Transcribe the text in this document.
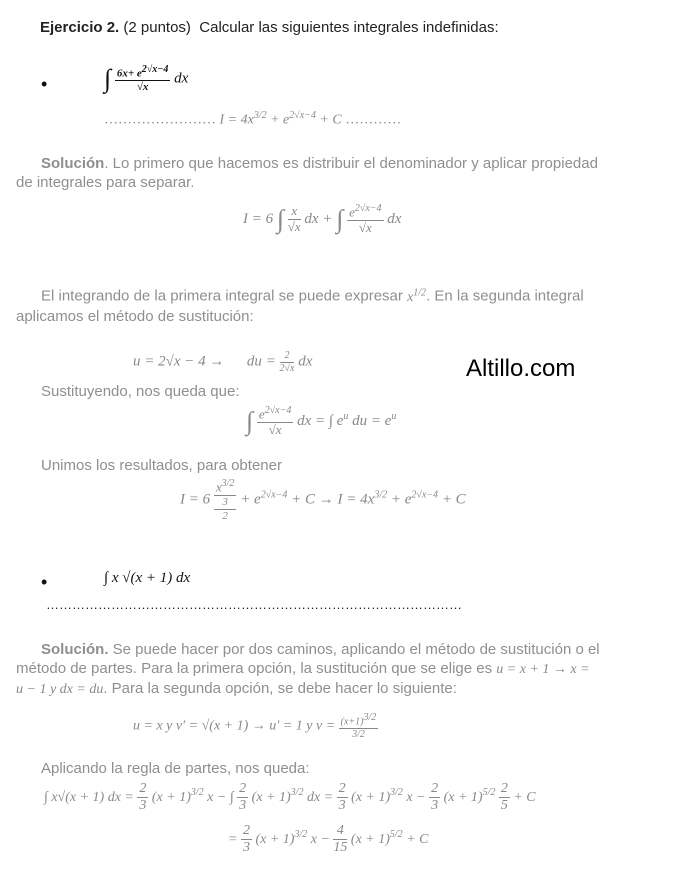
Ejercicio 2. (2 puntos) Calcular las siguientes integrales indefinidas:
• ∫ $\frac{6x+ e2√x-4}{√x}$ dx
…………………… $I = 4x^{3/2} + e^{2√x-4} + C$ …………
Solución. Lo primero que hacemos es distribuir el denominador y aplicar propiedad
de integrales para separar.
I = 6 ∫ $\frac{x}{√x}$ dx + ∫ $\frac{e^{2√x-4}}{√x}$ dx
El integrando de la primera integral se puede expresar $x^{1/2}$. En la segunda integral
aplicamos el método de sustitución:
u = 2√x − 4 → du = $\frac{2}{2√x}$ dx	Altillo.com
Sustituyendo, nos queda que:
∫ $\frac{e^{2√x-4}}{√x}$ dx = ∫ $e^u$ du = $e^u$
Unimos los resultados, para obtener
I = 6 $x^{3/2}$
3
$2 + e^{2√x-4} + C \to I = 4x^{3/2} + e^{2√x-4} + C$
•	∫ x √(x + 1) dx
……………………………………………………………………………………
Solución. Se puede hacer por dos caminos, aplicando el método de sustitución o el
método de partes. Para la primera opción, la sustitución que se elige es u = x + 1 → x =
u − 1 y dx = du. Para la segunda opción, se debe hacer lo siguiente:
u = x y v′ = √(x + 1) → u′ = 1 y $v = \frac{(x+1)3/2}{3/2}$
Aplicando la regla de partes, nos queda:
∫ x√(x + 1) dx = $\frac{2}{3} (x + 1)^{3/2}$ x − ∫ $\frac{2}{3} (x + 1)^{3/2}$ dx = $\frac{2}{3} (x + 1)^{3/2}$ $x - \frac{2}{3} (x + 1)^{5/2} \frac{2}{5} + C$
= $\frac{2}{3} (x + 1)^{3/2}$ $x - \frac{4}{15} (x + 1)^{5/2} + C$
